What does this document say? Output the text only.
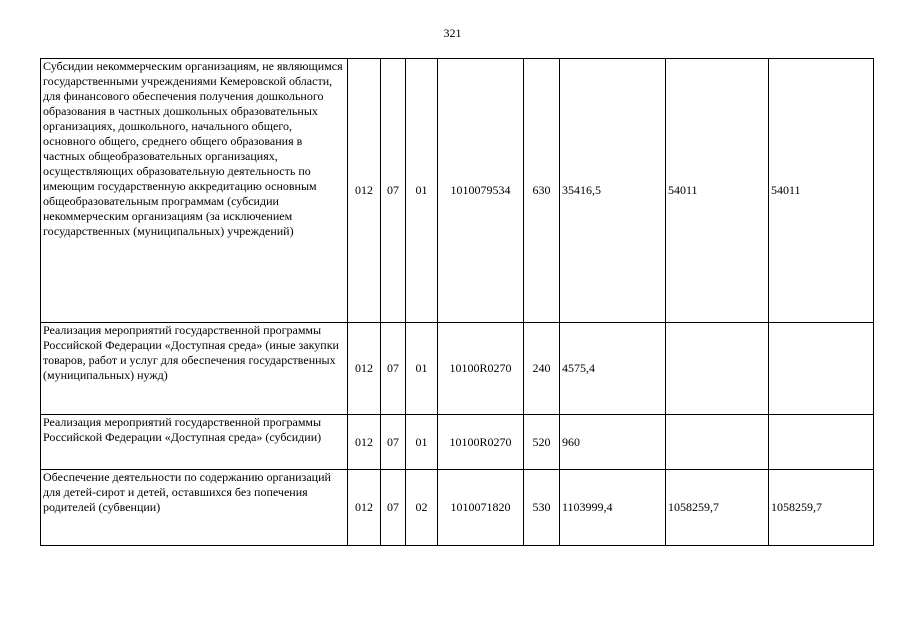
321
Субсидии некоммерческим организациям, не являющимся государственными учреждениями Кемеровской области, для финансового обеспечения получения дошкольного образования в частных дошкольных образовательных организациях, дошкольного, начального общего, основного общего, среднего общего образования в частных общеобразовательных организациях, осуществляющих образовательную деятельность по имеющим государственную аккредитацию основным общеобразовательным программам (субсидии некоммерческим организациям (за исключением государственных (муниципальных) учреждений)	012	07	01	1010079534	630	35416,5	54011	54011
Реализация мероприятий государственной программы Российской Федерации «Доступная среда» (иные закупки товаров, работ и услуг для обеспечения государственных (муниципальных) нужд)	012	07	01	10100R0270	240	4575,4		
Реализация мероприятий государственной программы Российской Федерации «Доступная среда» (субсидии)	012	07	01	10100R0270	520	960		
Обеспечение деятельности по содержанию организаций для детей-сирот и детей, оставшихся без попечения родителей (субвенции)	012	07	02	1010071820	530	1103999,4	1058259,7	1058259,7
